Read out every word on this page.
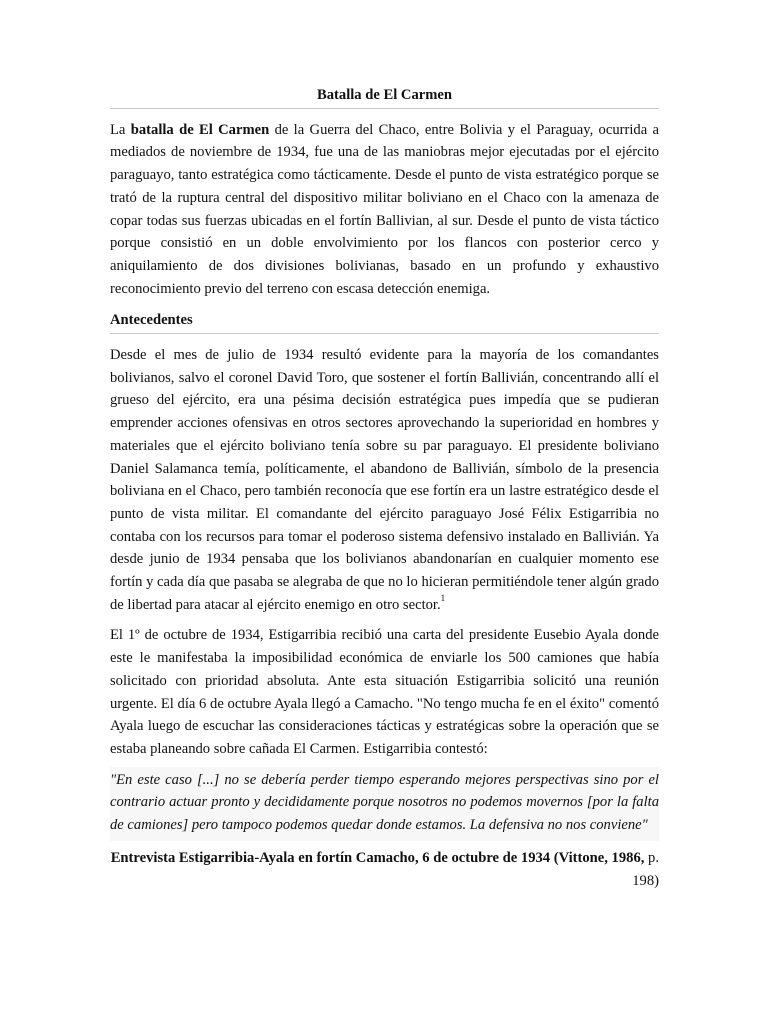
Batalla de El Carmen

La batalla de El Carmen de la Guerra del Chaco, entre Bolivia y el Paraguay, ocurrida a mediados de noviembre de 1934, fue una de las maniobras mejor ejecutadas por el ejército paraguayo, tanto estratégica como tácticamente. Desde el punto de vista estratégico porque se trató de la ruptura central del dispositivo militar boliviano en el Chaco con la amenaza de copar todas sus fuerzas ubicadas en el fortín Ballivian, al sur. Desde el punto de vista táctico porque consistió en un doble envolvimiento por los flancos con posterior cerco y aniquilamiento de dos divisiones bolivianas, basado en un profundo y exhaustivo reconocimiento previo del terreno con escasa detección enemiga.

Antecedentes

Desde el mes de julio de 1934 resultó evidente para la mayoría de los comandantes bolivianos, salvo el coronel David Toro, que sostener el fortín Ballivián, concentrando allí el grueso del ejército, era una pésima decisión estratégica pues impedía que se pudieran emprender acciones ofensivas en otros sectores aprovechando la superioridad en hombres y materiales que el ejército boliviano tenía sobre su par paraguayo. El presidente boliviano Daniel Salamanca temía, políticamente, el abandono de Ballivián, símbolo de la presencia boliviana en el Chaco, pero también reconocía que ese fortín era un lastre estratégico desde el punto de vista militar. El comandante del ejército paraguayo José Félix Estigarribia no contaba con los recursos para tomar el poderoso sistema defensivo instalado en Ballivián. Ya desde junio de 1934 pensaba que los bolivianos abandonarían en cualquier momento ese fortín y cada día que pasaba se alegraba de que no lo hicieran permitiéndole tener algún grado de libertad para atacar al ejército enemigo en otro sector.$^1$

El 1º de octubre de 1934, Estigarribia recibió una carta del presidente Eusebio Ayala donde este le manifestaba la imposibilidad económica de enviarle los 500 camiones que había solicitado con prioridad absoluta. Ante esta situación Estigarribia solicitó una reunión urgente. El día 6 de octubre Ayala llegó a Camacho. "No tengo mucha fe en el éxito" comentó Ayala luego de escuchar las consideraciones tácticas y estratégicas sobre la operación que se estaba planeando sobre cañada El Carmen. Estigarribia contestó:

"En este caso [...] no se debería perder tiempo esperando mejores perspectivas sino por el contrario actuar pronto y decididamente porque nosotros no podemos movernos [por la falta de camiones] pero tampoco podemos quedar donde estamos. La defensiva no nos conviene"
Entrevista Estigarribia-Ayala en fortín Camacho, 6 de octubre de 1934 (Vittone, 1986, p. 198)
